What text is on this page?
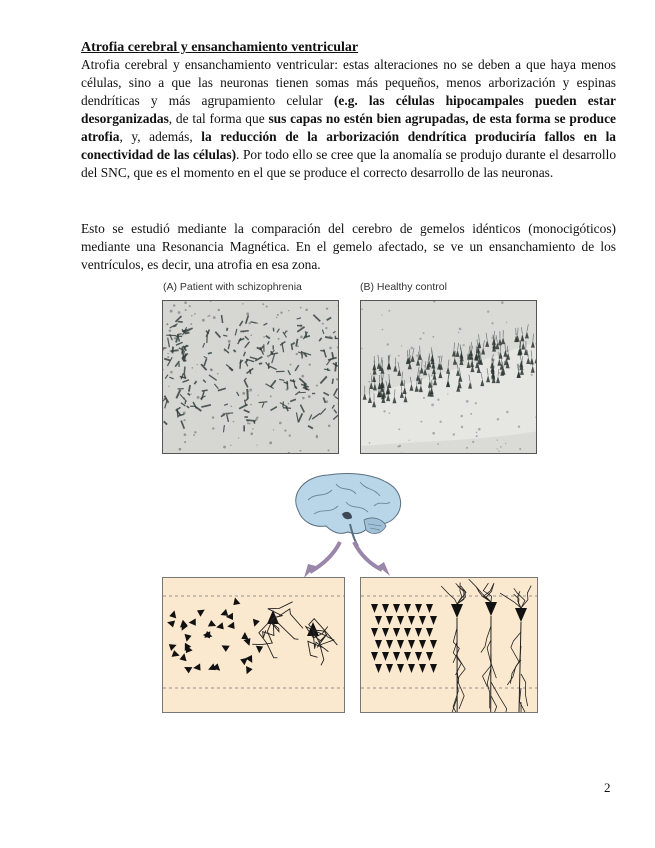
Atrofia cerebral y ensanchamiento ventricular

Atrofia cerebral y ensanchamiento ventricular: estas alteraciones no se deben a que haya menos células, sino a que las neuronas tienen somas más pequeños, menos arborización y espinas dendríticas y más agrupamiento celular (e.g. las células hipocampales pueden estar desorganizadas, de tal forma que sus capas no estén bien agrupadas, de esta forma se produce atrofia, y, además, la reducción de la arborización dendrítica produciría fallos en la conectividad de las células). Por todo ello se cree que la anomalía se produjo durante el desarrollo del SNC, que es el momento en el que se produce el correcto desarrollo de las neuronas.

Esto se estudió mediante la comparación del cerebro de gemelos idénticos (monocigóticos) mediante una Resonancia Magnética. En el gemelo afectado, se ve un ensanchamiento de los ventrículos, es decir, una atrofia en esa zona.

(A) Patient with schizophrenia	(B) Healthy control
2
